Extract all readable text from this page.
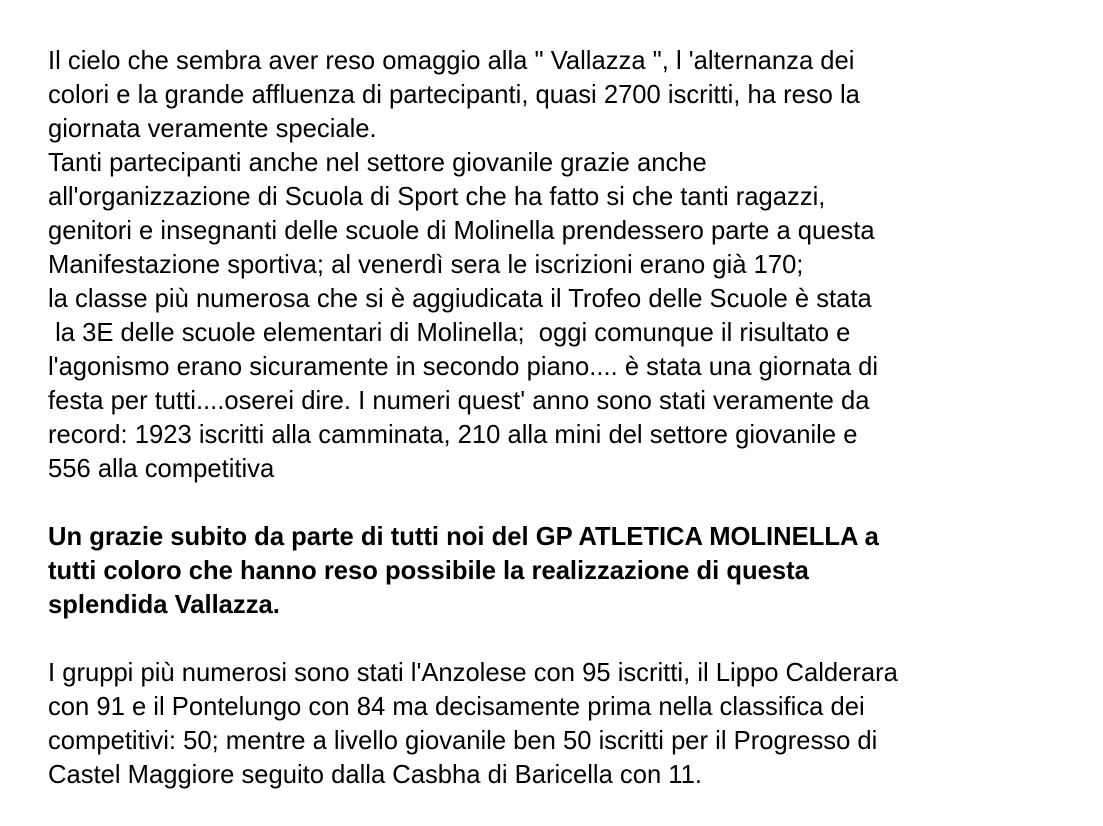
Il cielo che sembra aver reso omaggio alla " Vallazza ", l 'alternanza dei
colori e la grande affluenza di partecipanti, quasi 2700 iscritti, ha reso la
giornata veramente speciale.
Tanti partecipanti anche nel settore giovanile grazie anche
all'organizzazione di Scuola di Sport che ha fatto si che tanti ragazzi,
genitori e insegnanti delle scuole di Molinella prendessero parte a questa
Manifestazione sportiva; al venerdì sera le iscrizioni erano già 170;
la classe più numerosa che si è aggiudicata il Trofeo delle Scuole è stata
la 3E delle scuole elementari di Molinella;  oggi comunque il risultato e
l'agonismo erano sicuramente in secondo piano.... è stata una giornata di
festa per tutti....oserei dire. I numeri quest' anno sono stati veramente da
record: 1923 iscritti alla camminata, 210 alla mini del settore giovanile e
556 alla competitiva
Un grazie subito da parte di tutti noi del GP ATLETICA MOLINELLA a
tutti coloro che hanno reso possibile la realizzazione di questa
splendida Vallazza.
I gruppi più numerosi sono stati l'Anzolese con 95 iscritti, il Lippo Calderara
con 91 e il Pontelungo con 84 ma decisamente prima nella classifica dei
competitivi: 50; mentre a livello giovanile ben 50 iscritti per il Progresso di
Castel Maggiore seguito dalla Casbha di Baricella con 11.
